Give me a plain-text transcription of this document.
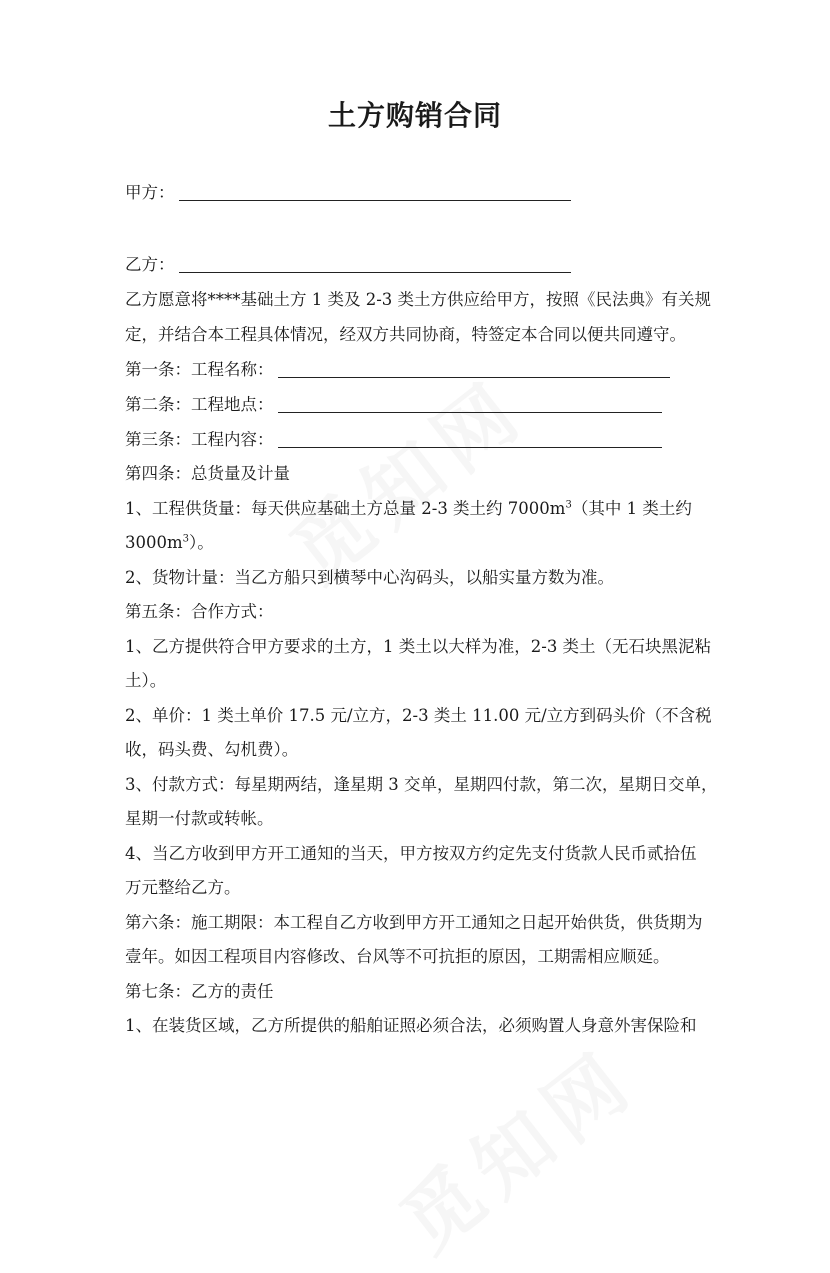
土方购销合同
甲方：
乙方：
乙方愿意将****基础土方 1 类及 2-3 类土方供应给甲方，按照《民法典》有关规
定，并结合本工程具体情况，经双方共同协商，特签定本合同以便共同遵守。
第一条：工程名称：
第二条：工程地点：
第三条：工程内容：
第四条：总货量及计量
1、工程供货量：每天供应基础土方总量 2-3 类土约 $7000m^3$（其中 1 类土约
$3000m^3$）。
2、货物计量：当乙方船只到横琴中心沟码头，以船实量方数为准。
第五条：合作方式：
1、乙方提供符合甲方要求的土方，1 类土以大样为准，2-3 类土（无石块黑泥粘
土）。
2、单价：1 类土单价 17.5 元/立方，2-3 类土 11.00 元/立方到码头价（不含税
收，码头费、勾机费）。
3、付款方式：每星期两结，逢星期 3 交单，星期四付款，第二次，星期日交单，
星期一付款或转帐。
4、当乙方收到甲方开工通知的当天，甲方按双方约定先支付货款人民币贰拾伍
万元整给乙方。
第六条：施工期限：本工程自乙方收到甲方开工通知之日起开始供货，供货期为
壹年。如因工程项目内容修改、台风等不可抗拒的原因，工期需相应顺延。
第七条：乙方的责任
1、在装货区域，乙方所提供的船舶证照必须合法，必须购置人身意外害保险和
